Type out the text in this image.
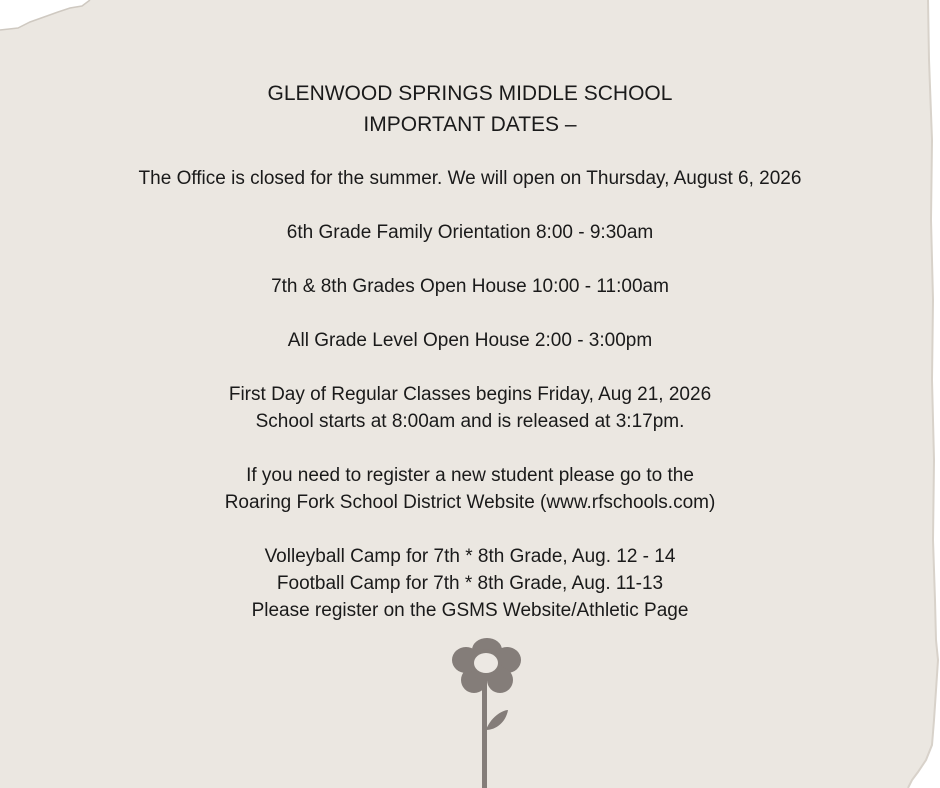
GLENWOOD SPRINGS MIDDLE SCHOOL
IMPORTANT DATES –
The Office is closed for the summer. We will open on Thursday, August 6, 2026
6th Grade Family Orientation 8:00 - 9:30am
7th & 8th Grades Open House 10:00 - 11:00am
All Grade Level Open House 2:00 - 3:00pm
First Day of Regular Classes begins Friday, Aug 21, 2026
School starts at 8:00am and is released at 3:17pm.
If you need to register a new student please go to the
Roaring Fork School District Website (www.rfschools.com)
Volleyball Camp for 7th * 8th Grade, Aug. 12 - 14
Football Camp for 7th * 8th Grade, Aug. 11-13
Please register on the GSMS Website/Athletic Page
